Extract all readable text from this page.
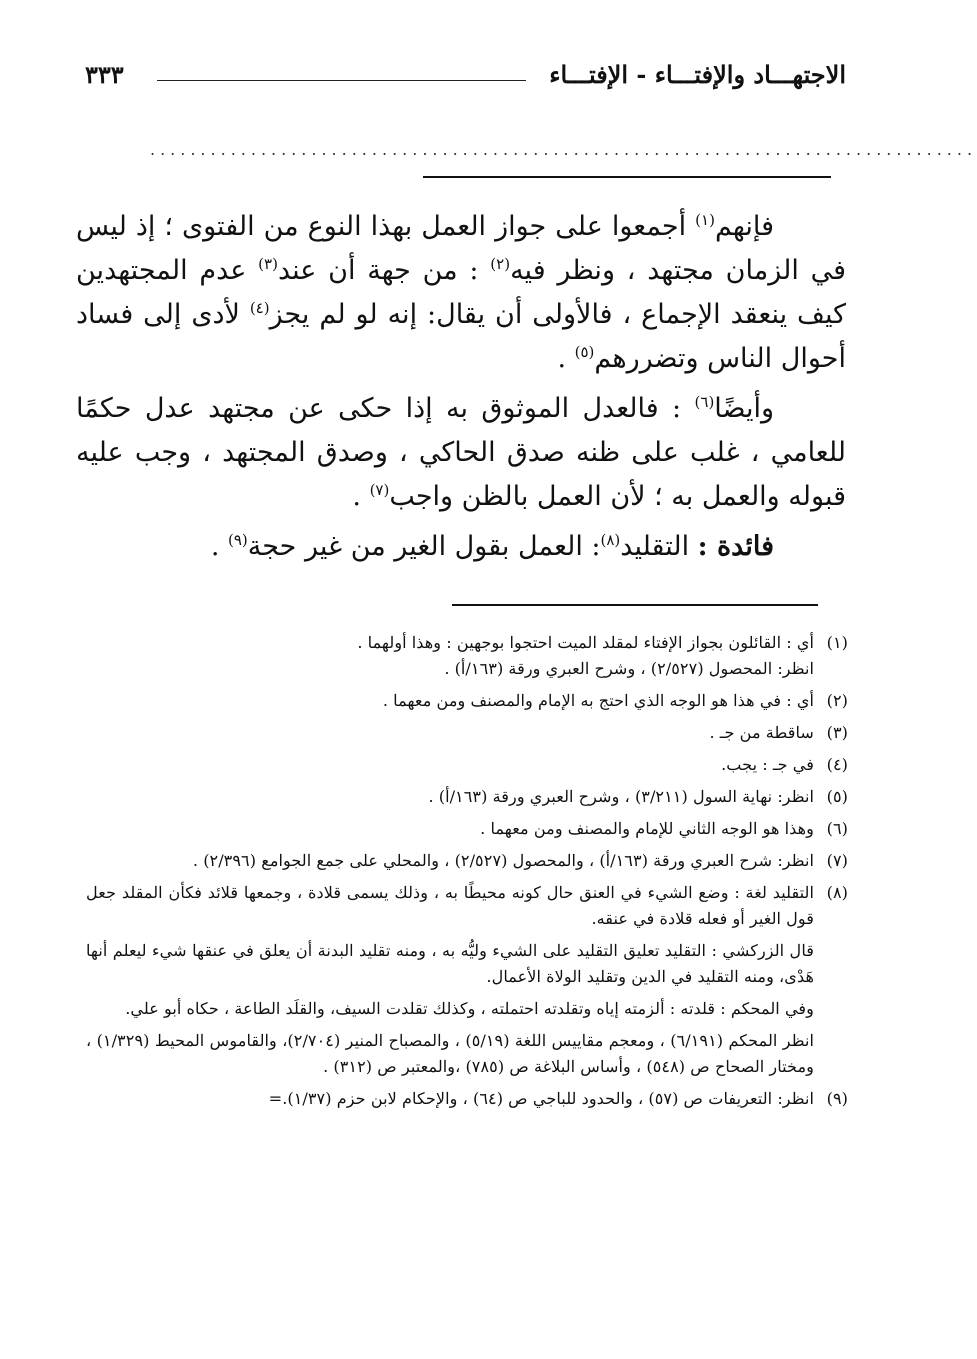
الاجتهـــاد والإفتـــاء - الإفتـــاء
٣٣٣
..................................................................................

فإنهم$^{(١)}$ أجمعوا على جواز العمل بهذا النوع من الفتوى ؛ إذ ليس في الزمان مجتهد ، ونظر فيه$^{(٢)}$ : من جهة أن عند$^{(٣)}$ عدم المجتهدين كيف ينعقد الإجماع ، فالأولى أن يقال: إنه لو لم يجز$^{(٤)}$ لأدى إلى فساد أحوال الناس وتضررهم$^{(٥)}$ .

وأيضًا$^{(٦)}$ : فالعدل الموثوق به إذا حكى عن مجتهد عدل حكمًا للعامي ، غلب على ظنه صدق الحاكي ، وصدق المجتهد ، وجب عليه قبوله والعمل به ؛ لأن العمل بالظن واجب$^{(٧)}$ .

فائدة : التقليد$^{(٨)}$: العمل بقول الغير من غير حجة$^{(٩)}$ .

(١)

أي : القائلون بجواز الإفتاء لمقلد الميت احتجوا بوجهين : وهذا أولهما .

انظر: المحصول (٢/٥٢٧) ، وشرح العبري ورقة (١٦٣/أ) .

(٢)

أي : في هذا هو الوجه الذي احتج به الإمام والمصنف ومن معهما .

(٣)

ساقطة من جـ .

(٤)

في جـ : يجب.

(٥)

انظر: نهاية السول (٣/٢١١) ، وشرح العبري ورقة (١٦٣/أ) .

(٦)

وهذا هو الوجه الثاني للإمام والمصنف ومن معهما .

(٧)

انظر: شرح العبري ورقة (١٦٣/أ) ، والمحصول (٢/٥٢٧) ، والمحلي على جمع الجوامع (٢/٣٩٦) .

(٨)

التقليد لغة : وضع الشيء في العنق حال كونه محيطًا به ، وذلك يسمى قلادة ، وجمعها قلائد فكأن المقلد جعل قول الغير أو فعله قلادة في عنقه.

قال الزركشي : التقليد تعليق التقليد على الشيء وليُّه به ، ومنه تقليد البدنة أن يعلق في عنقها شيء ليعلم أنها هَدْى، ومنه التقليد في الدين وتقليد الولاة الأعمال.

وفي المحكم : قلدته : ألزمته إياه وتقلدته احتملته ، وكذلك تقلدت السيف، والقلَد الطاعة ، حكاه أبو علي.

انظر المحكم (٦/١٩١) ، ومعجم مقاييس اللغة (٥/١٩) ، والمصباح المنير (٢/٧٠٤)، والقاموس المحيط (١/٣٢٩) ، ومختار الصحاح ص (٥٤٨) ، وأساس البلاغة ص (٧٨٥) ،والمعتبر ص (٣١٢) .

(٩)

انظر: التعريفات ص (٥٧) ، والحدود للباجي ص (٦٤) ، والإحكام لابن حزم (١/٣٧).=
